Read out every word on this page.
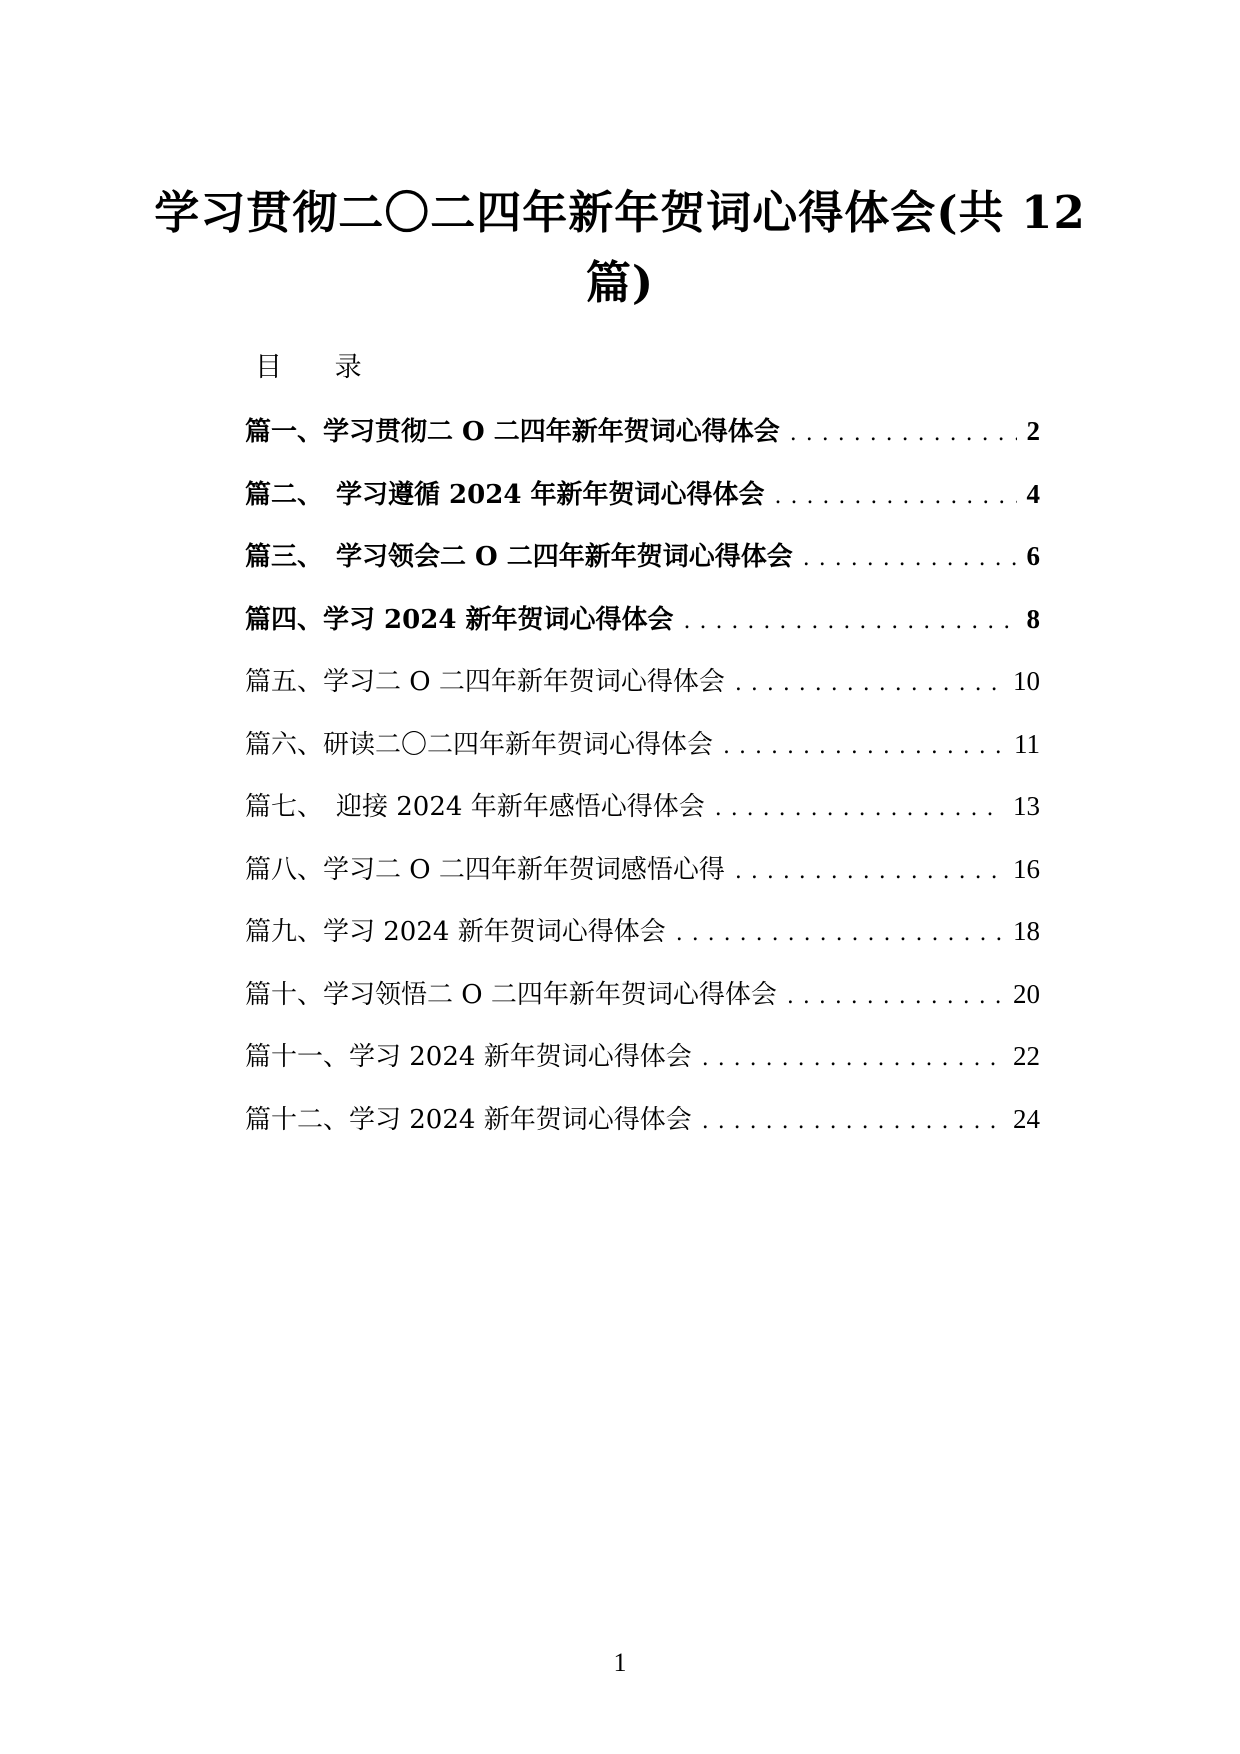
学习贯彻二〇二四年新年贺词心得体会(共 12 篇)
目 录
篇一、学习贯彻二 O 二四年新年贺词心得体会 . . .	2
篇二、　学习遵循 2024 年新年贺词心得体会 . . .	4
篇三、　学习领会二 O 二四年新年贺词心得体会 . . .	6
篇四、学习 2024 新年贺词心得体会 . . .	8
篇五、学习二 O 二四年新年贺词心得体会 . . .	10
篇六、研读二〇二四年新年贺词心得体会 . . .	11
篇七、　迎接 2024 年新年感悟心得体会 . . .	13
篇八、学习二 O 二四年新年贺词感悟心得 . . .	16
篇九、学习 2024 新年贺词心得体会 . . .	18
篇十、学习领悟二 O 二四年新年贺词心得体会 . . .	20
篇十一、学习 2024 新年贺词心得体会 . . .	22
篇十二、学习 2024 新年贺词心得体会 . . .	24
1
